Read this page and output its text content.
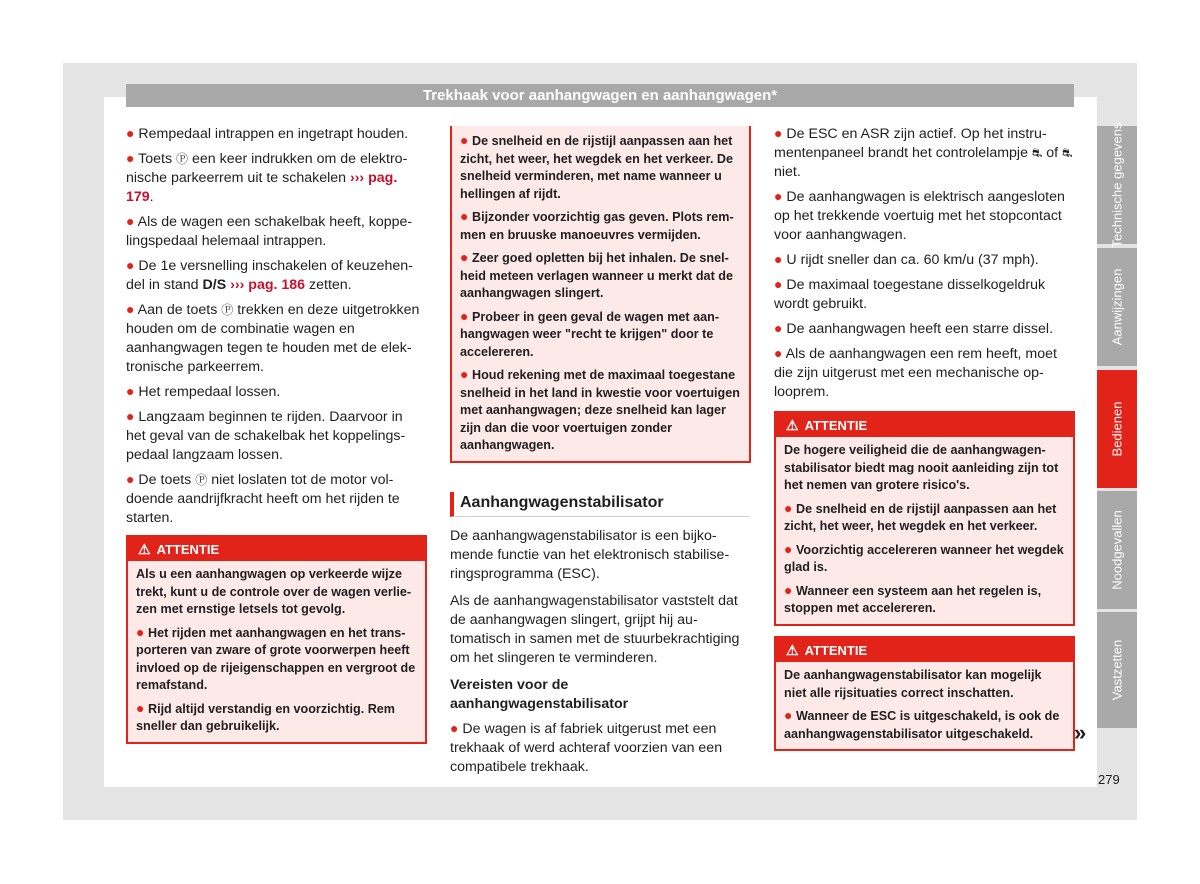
Trekhaak voor aanhangwagen en aanhangwagen*

● Rempedaal intrappen en ingetrapt houden.

● Toets Ⓟ een keer indrukken om de elektronische parkeerrem uit te schakelen ››› pag. 179.

● Als de wagen een schakelbak heeft, koppelingspedaal helemaal intrappen.

● De 1e versnelling inschakelen of keuzehendel in stand D/S ››› pag. 186 zetten.

● Aan de toets Ⓟ trekken en deze uitgetrokken houden om de combinatie wagen en aanhangwagen tegen te houden met de elektronische parkeerrem.

● Het rempedaal lossen.

● Langzaam beginnen te rijden. Daarvoor in het geval van de schakelbak het koppelingspedaal langzaam lossen.

● De toets Ⓟ niet loslaten tot de motor voldoende aandrijfkracht heeft om het rijden te starten.

⚠ ATTENTIE

Als u een aanhangwagen op verkeerde wijze trekt, kunt u de controle over de wagen verliezen met ernstige letsels tot gevolg.

● Het rijden met aanhangwagen en het transporteren van zware of grote voorwerpen heeft invloed op de rijeigenschappen en vergroot de remafstand.

● Rijd altijd verstandig en voorzichtig. Rem sneller dan gebruikelijk.

● De snelheid en de rijstijl aanpassen aan het zicht, het weer, het wegdek en het verkeer. De snelheid verminderen, met name wanneer u hellingen af rijdt.

● Bijzonder voorzichtig gas geven. Plots remmen en bruuske manoeuvres vermijden.

● Zeer goed opletten bij het inhalen. De snelheid meteen verlagen wanneer u merkt dat de aanhangwagen slingert.

● Probeer in geen geval de wagen met aanhangwagen weer "recht te krijgen" door te accelereren.

● Houd rekening met de maximaal toegestane snelheid in het land in kwestie voor voertuigen met aanhangwagen; deze snelheid kan lager zijn dan die voor voertuigen zonder aanhangwagen.

Aanhangwagenstabilisator

De aanhangwagenstabilisator is een bijkomende functie van het elektronisch stabiliseringsprogramma (ESC).

Als de aanhangwagenstabilisator vaststelt dat de aanhangwagen slingert, grijpt hij automatisch in samen met de stuurbekrachtiging om het slingeren te verminderen.

Vereisten voor de aanhangwagenstabilisator

● De wagen is af fabriek uitgerust met een trekhaak of werd achteraf voorzien van een compatibele trekhaak.

● De ESC en ASR zijn actief. Op het instrumentenpaneel brandt het controlelampje ⛐ of ⛐ niet.

● De aanhangwagen is elektrisch aangesloten op het trekkende voertuig met het stopcontact voor aanhangwagen.

● U rijdt sneller dan ca. 60 km/u (37 mph).

● De maximaal toegestane disselkogeldruk wordt gebruikt.

● De aanhangwagen heeft een starre dissel.

● Als de aanhangwagen een rem heeft, moet die zijn uitgerust met een mechanische oplooprem.

⚠ ATTENTIE

De hogere veiligheid die de aanhangwagenstabilisator biedt mag nooit aanleiding zijn tot het nemen van grotere risico's.

● De snelheid en de rijstijl aanpassen aan het zicht, het weer, het wegdek en het verkeer.

● Voorzichtig accelereren wanneer het wegdek glad is.

● Wanneer een systeem aan het regelen is, stoppen met accelereren.

⚠ ATTENTIE

De aanhangwagenstabilisator kan mogelijk niet alle rijsituaties correct inschatten.

● Wanneer de ESC is uitgeschakeld, is ook de aanhangwagenstabilisator uitgeschakeld.	»
Technische gegevens
Aanwijzingen
Bedienen
Noodgevallen
Vastzetten
279
